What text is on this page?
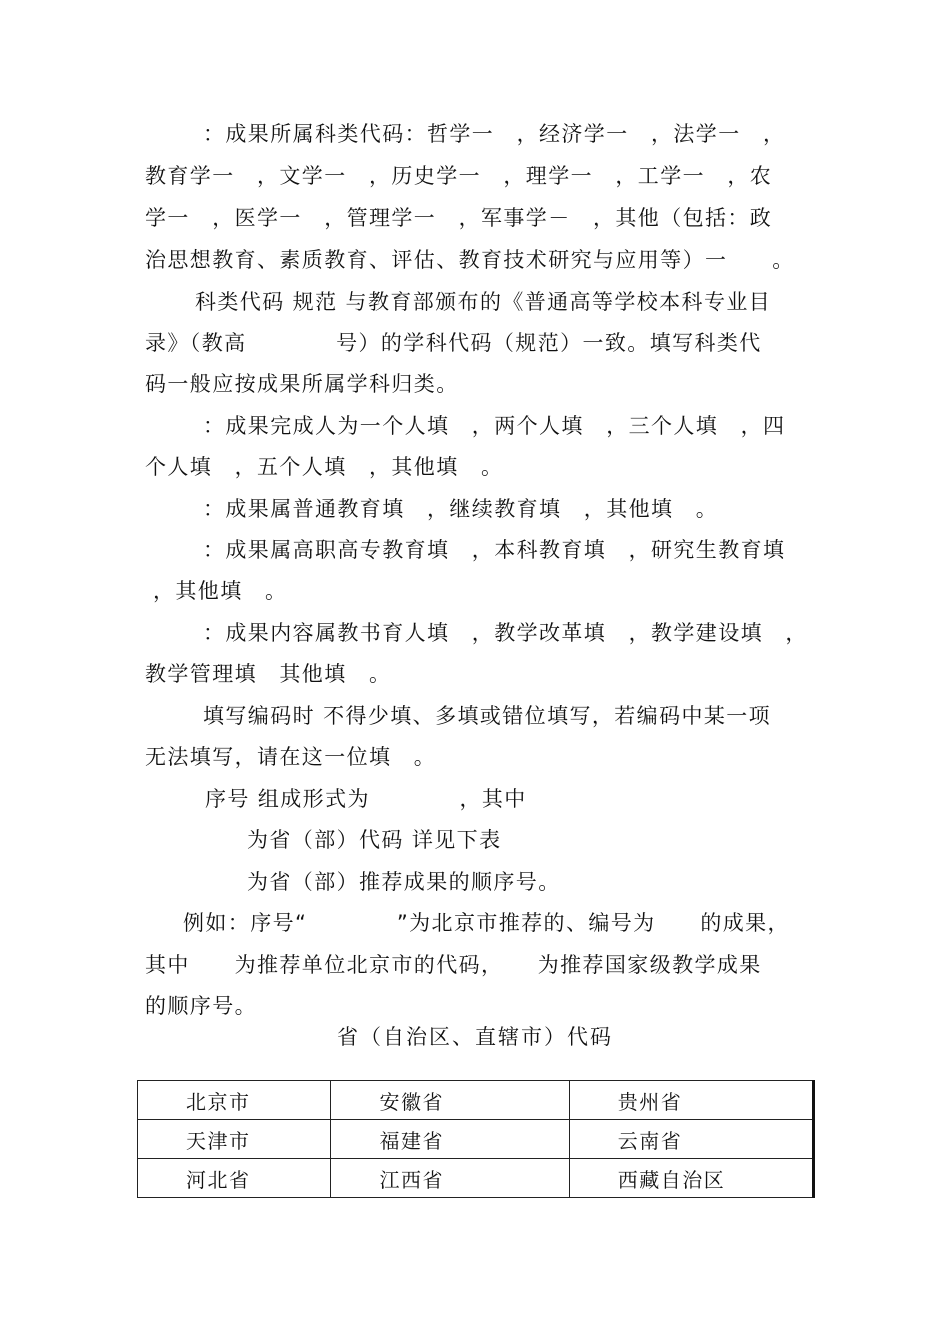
：成果所属科类代码：哲学一　，经济学一　，法学一　，
教育学一　，文学一　，历史学一　，理学一　，工学一　，农
学一　，医学一　，管理学一　，军事学－　，其他（包括：政
治思想教育、素质教育、评估、教育技术研究与应用等）一　　。
科类代码 规范 与教育部颁布的《普通高等学校本科专业目
录》（教高　　　　号）的学科代码（规范）一致。填写科类代
码一般应按成果所属学科归类。
：成果完成人为一个人填　，两个人填　，三个人填　，四
个人填　，五个人填　，其他填　。
：成果属普通教育填　，继续教育填　，其他填　。
：成果属高职高专教育填　，本科教育填　，研究生教育填
，其他填　。
：成果内容属教书育人填　，教学改革填　，教学建设填　，
教学管理填　其他填　。
填写编码时 不得少填、多填或错位填写，若编码中某一项
无法填写，请在这一位填　。
序号 组成形式为　　　　，其中
为省（部）代码 详见下表
为省（部）推荐成果的顺序号。
例如：序号“　　　　”为北京市推荐的、编号为　　的成果，
其中　　为推荐单位北京市的代码，　　为推荐国家级教学成果
的顺序号。
省（自治区、直辖市）代码
北京市	安徽省	贵州省
天津市	福建省	云南省
河北省	江西省	西藏自治区
